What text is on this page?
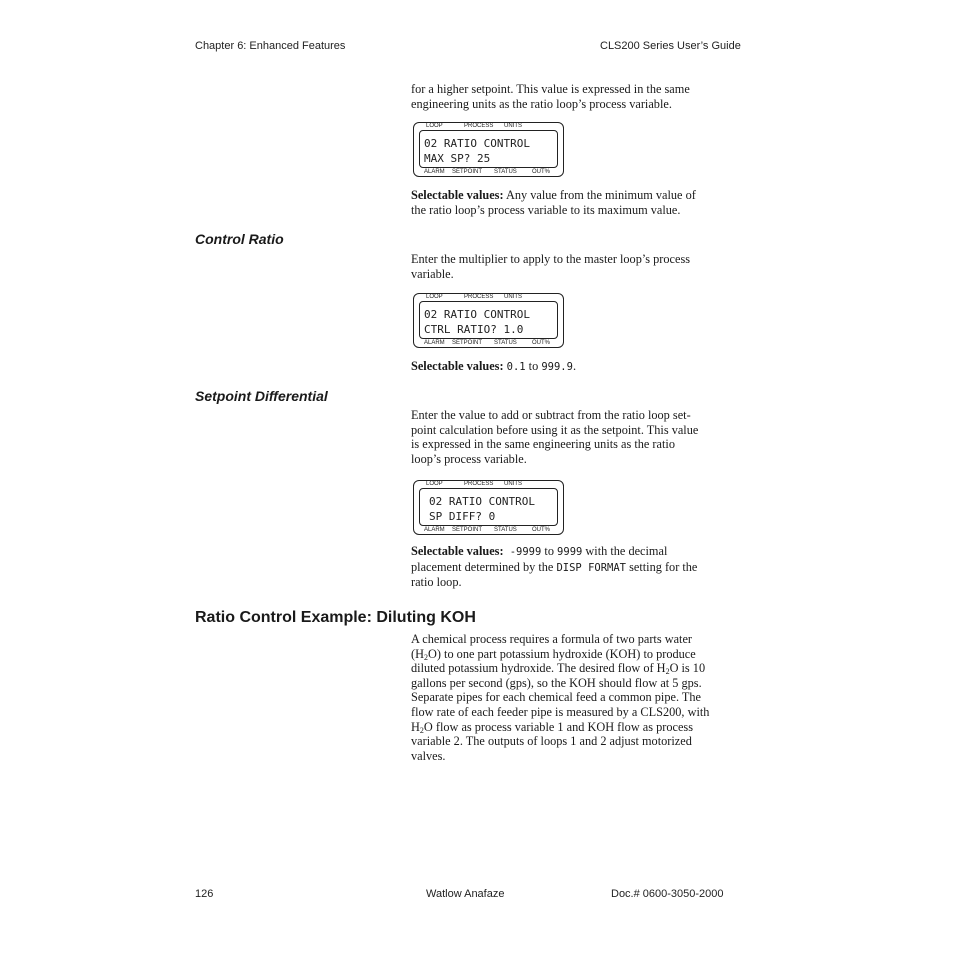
Chapter 6: Enhanced Features	CLS200 Series User’s Guide
for a higher setpoint. This value is expressed in the same
engineering units as the ratio loop’s process variable.
LOOP	PROCESS UNITS
02 RATIO CONTROL
MAX SP? 25
ALARM SETPOINT STATUS	OUT%
Selectable values: Any value from the minimum value of
the ratio loop’s process variable to its maximum value.
Control Ratio
Enter the multiplier to apply to the master loop’s process
variable.
LOOP	PROCESS UNITS
02 RATIO CONTROL
CTRL RATIO? 1.0
ALARM SETPOINT STATUS	OUT%
Selectable values: 0.1 to 999.9.
Setpoint Differential
Enter the value to add or subtract from the ratio loop set-
point calculation before using it as the setpoint. This value
is expressed in the same engineering units as the ratio
loop’s process variable.
LOOP	PROCESS UNITS
02 RATIO CONTROL
SP DIFF? 0
ALARM SETPOINT STATUS	OUT%
Selectable values: -9999 to 9999 with the decimal
placement determined by the DISP FORMAT setting for the
ratio loop.
Ratio Control Example: Diluting KOH
A chemical process requires a formula of two parts water
$(H_2O)$ to one part potassium hydroxide (KOH) to produce
diluted potassium hydroxide. The desired flow of $H_2O$ is 10
gallons per second (gps), so the KOH should flow at 5 gps.
Separate pipes for each chemical feed a common pipe. The
flow rate of each feeder pipe is measured by a CLS200, with
$H_2O$ flow as process variable 1 and KOH flow as process
variable 2. The outputs of loops 1 and 2 adjust motorized
valves.
126	Watlow Anafaze	Doc.# 0600-3050-2000
